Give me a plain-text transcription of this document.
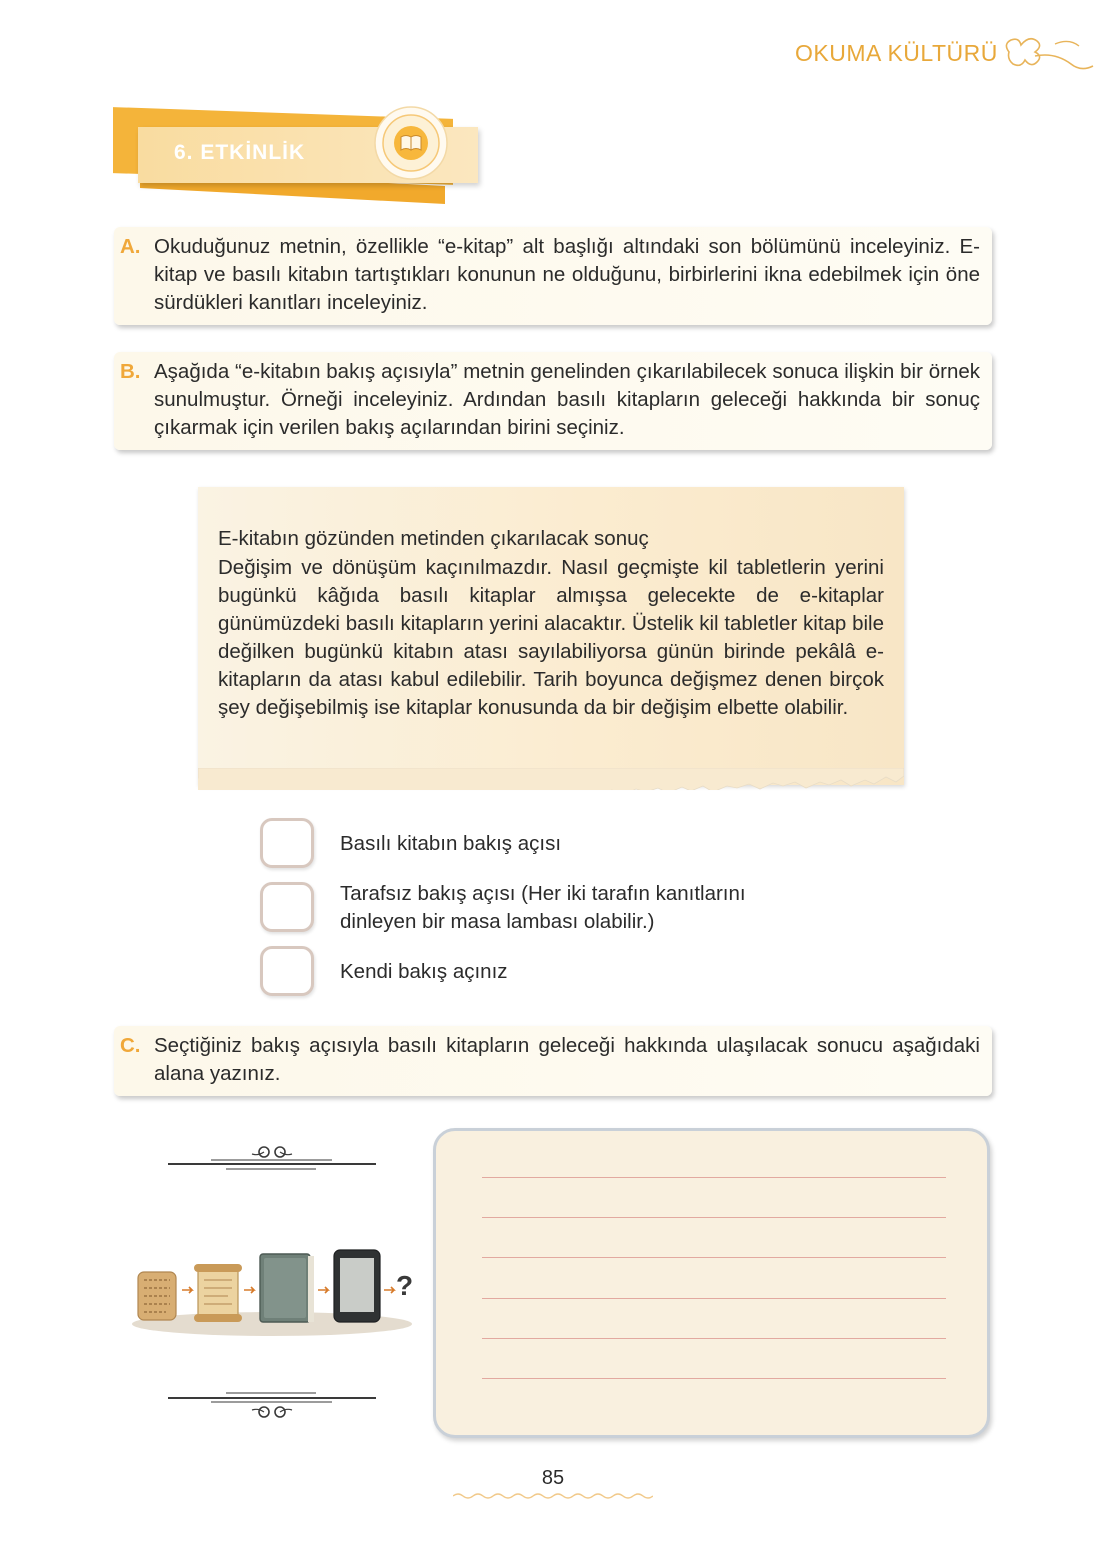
OKUMA KÜLTÜRÜ
6. ETKİNLİK
A. Okuduğunuz metnin, özellikle “e-kitap” alt başlığı altındaki son bölümünü inceleyiniz. E-kitap ve basılı kitabın tartıştıkları konunun ne olduğunu, birbirlerini ikna edebilmek için öne sürdükleri kanıtları inceleyiniz.
B. Aşağıda “e-kitabın bakış açısıyla” metnin genelinden çıkarılabilecek sonuca ilişkin bir örnek sunulmuştur. Örneği inceleyiniz. Ardından basılı kitapların geleceği hakkında bir sonuç çıkarmak için verilen bakış açılarından birini seçiniz.
E-kitabın gözünden metinden çıkarılacak sonuç
Değişim ve dönüşüm kaçınılmazdır. Nasıl geçmişte kil tabletlerin yerini bugünkü kâğıda basılı kitaplar almışsa gelecekte de e-kitaplar günümüzdeki basılı kitapların yerini alacaktır. Üstelik kil tabletler kitap bile değilken bugünkü kitabın atası sayılabiliyorsa günün birinde pekâlâ e-kitapların da atası kabul edilebilir. Tarih boyunca değişmez denen birçok şey değişebilmiş ise kitaplar konusunda da bir değişim elbette olabilir.
Basılı kitabın bakış açısı
Tarafsız bakış açısı (Her iki tarafın kanıtlarını dinleyen bir masa lambası olabilir.)
Kendi bakış açınız
C. Seçtiğiniz bakış açısıyla basılı kitapların geleceği hakkında ulaşılacak sonucu aşağıdaki alana yazınız.
?
85
